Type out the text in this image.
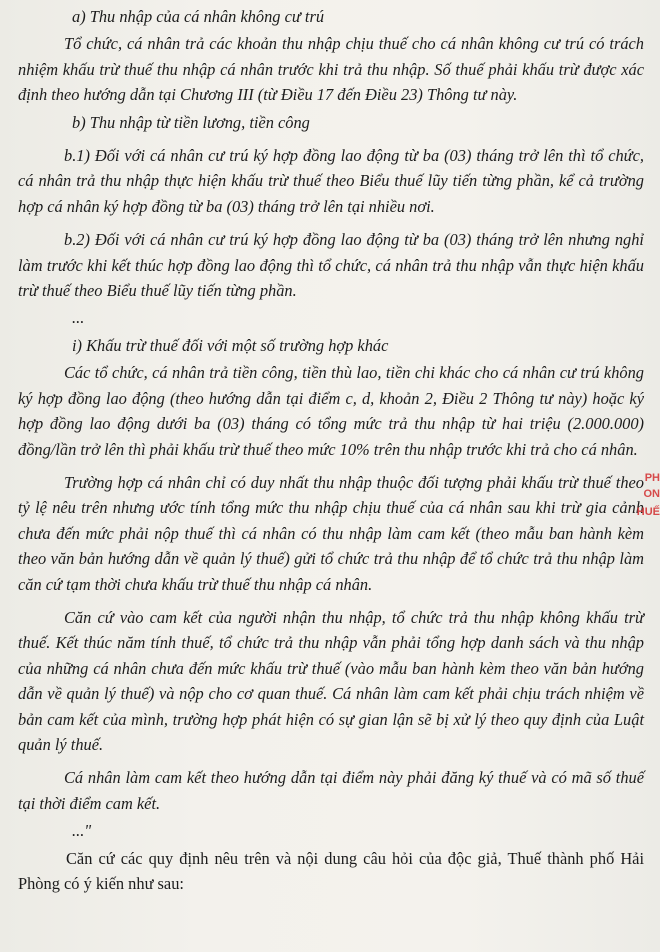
a) Thu nhập của cá nhân không cư trú

Tổ chức, cá nhân trả các khoản thu nhập chịu thuế cho cá nhân không cư trú có trách nhiệm khấu trừ thuế thu nhập cá nhân trước khi trả thu nhập. Số thuế phải khấu trừ được xác định theo hướng dẫn tại Chương III (từ Điều 17 đến Điều 23) Thông tư này.

b) Thu nhập từ tiền lương, tiền công

b.1) Đối với cá nhân cư trú ký hợp đồng lao động từ ba (03) tháng trở lên thì tổ chức, cá nhân trả thu nhập thực hiện khấu trừ thuế theo Biểu thuế lũy tiến từng phần, kể cả trường hợp cá nhân ký hợp đồng từ ba (03) tháng trở lên tại nhiều nơi.

b.2) Đối với cá nhân cư trú ký hợp đồng lao động từ ba (03) tháng trở lên nhưng nghỉ làm trước khi kết thúc hợp đồng lao động thì tổ chức, cá nhân trả thu nhập vẫn thực hiện khấu trừ thuế theo Biểu thuế lũy tiến từng phần.

...

i) Khấu trừ thuế đối với một số trường hợp khác

Các tổ chức, cá nhân trả tiền công, tiền thù lao, tiền chi khác cho cá nhân cư trú không ký hợp đồng lao động (theo hướng dẫn tại điểm c, d, khoản 2, Điều 2 Thông tư này) hoặc ký hợp đồng lao động dưới ba (03) tháng có tổng mức trả thu nhập từ hai triệu (2.000.000) đồng/lần trở lên thì phải khấu trừ thuế theo mức 10% trên thu nhập trước khi trả cho cá nhân.

Trường hợp cá nhân chỉ có duy nhất thu nhập thuộc đối tượng phải khấu trừ thuế theo tỷ lệ nêu trên nhưng ước tính tổng mức thu nhập chịu thuế của cá nhân sau khi trừ gia cảnh chưa đến mức phải nộp thuế thì cá nhân có thu nhập làm cam kết (theo mẫu ban hành kèm theo văn bản hướng dẫn về quản lý thuế) gửi tổ chức trả thu nhập để tổ chức trả thu nhập làm căn cứ tạm thời chưa khấu trừ thuế thu nhập cá nhân.

Căn cứ vào cam kết của người nhận thu nhập, tổ chức trả thu nhập không khấu trừ thuế. Kết thúc năm tính thuế, tổ chức trả thu nhập vẫn phải tổng hợp danh sách và thu nhập của những cá nhân chưa đến mức khấu trừ thuế (vào mẫu ban hành kèm theo văn bản hướng dẫn về quản lý thuế) và nộp cho cơ quan thuế. Cá nhân làm cam kết phải chịu trách nhiệm về bản cam kết của mình, trường hợp phát hiện có sự gian lận sẽ bị xử lý theo quy định của Luật quản lý thuế.

Cá nhân làm cam kết theo hướng dẫn tại điểm này phải đăng ký thuế và có mã số thuế tại thời điểm cam kết.

..."

Căn cứ các quy định nêu trên và nội dung câu hỏi của độc giả, Thuế thành phố Hải Phòng có ý kiến như sau:

PH
ON
HUẾ
